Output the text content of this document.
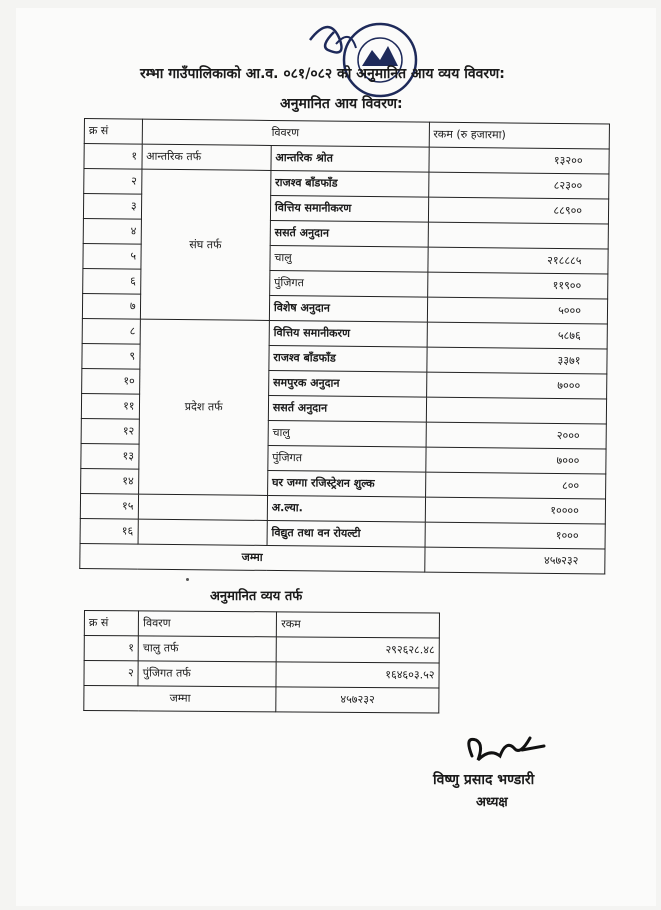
रम्भा गाउँपालिकाको आ.व. ०८१/०८२ को अनुमानित आय व्यय विवरण:
अनुमानित आय विवरण:
क्र सं	विवरण		रकम (रु हजारमा)
१	आन्तरिक तर्फ	आन्तरिक श्रोत	१३२००
२	संघ तर्फ	राजश्व बाँडफाँड	८२३००
३		वित्तिय समानीकरण	८८९००
४		ससर्त अनुदान	
५		चालु	२१८८८५
६		पुंजिगत	११९००
७		विशेष अनुदान	५०००
८	प्रदेश तर्फ	वित्तिय समानीकरण	५८७६
९		राजश्व बाँडफाँड	३३७१
१०		समपुरक अनुदान	७०००
११		ससर्त अनुदान	
१२		चालु	२०००
१३		पुंजिगत	७०००
१४		घर जग्गा रजिस्ट्रेशन शुल्क	८००
१५		अ.ल्या.	१००००
१६		विद्युत तथा वन रोयल्टी	१०००
जम्मा			४५७२३२
अनुमानित व्यय तर्फ
क्र सं	विवरण	रकम
१	चालु तर्फ	२९२६२८.४८
२	पुंजिगत तर्फ	१६४६०३.५२
जम्मा		४५७२३२
विष्णु प्रसाद भण्डारी
अध्यक्ष
